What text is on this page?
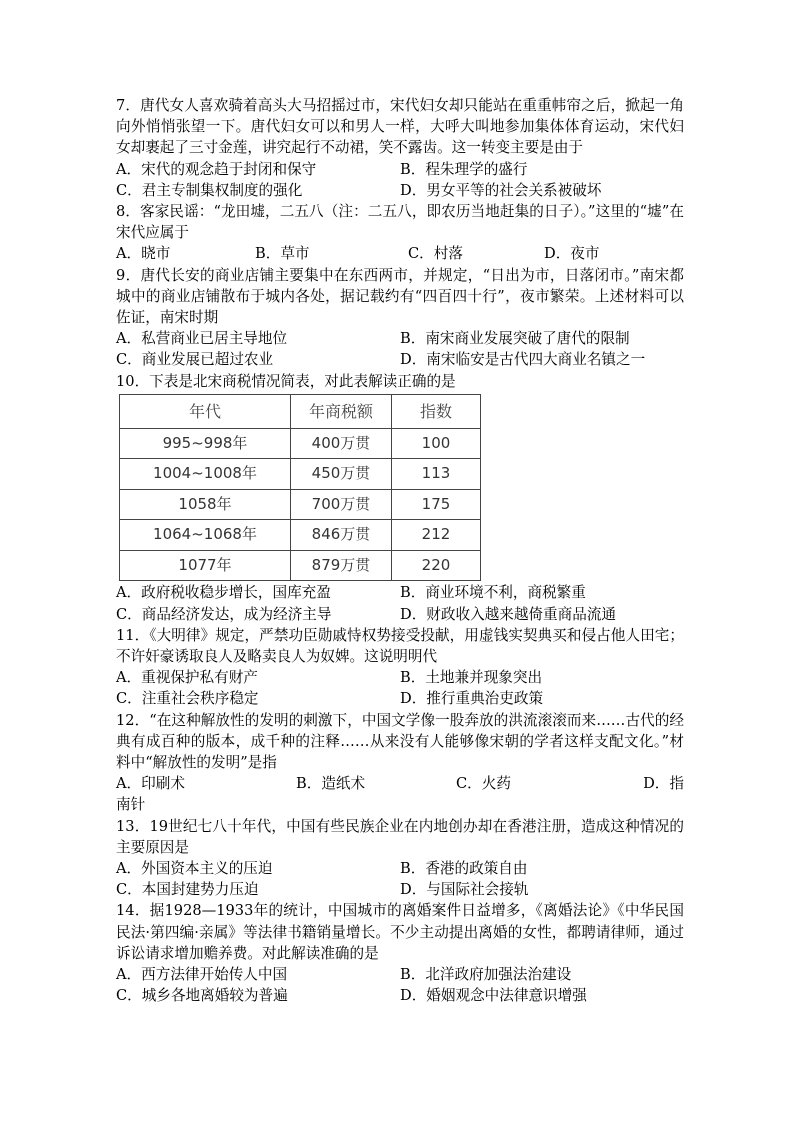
7．唐代女人喜欢骑着高头大马招摇过市，宋代妇女却只能站在重重帏帘之后，掀起一角向外悄悄张望一下。唐代妇女可以和男人一样，大呼大叫地参加集体体育运动，宋代妇女却裹起了三寸金莲，讲究起行不动裙，笑不露齿。这一转变主要是由于
A．宋代的观念趋于封闭和保守	B．程朱理学的盛行
C．君主专制集权制度的强化	D．男女平等的社会关系被破坏
8．客家民谣：“龙田墟，二五八（注：二五八，即农历当地赶集的日子）。”这里的“墟”在宋代应属于
A．晓市	B．草市	C．村落	D．夜市
9．唐代长安的商业店铺主要集中在东西两市，并规定，“日出为市，日落闭市。”南宋都城中的商业店铺散布于城内各处，据记载约有“四百四十行”，夜市繁荣。上述材料可以佐证，南宋时期
A．私营商业已居主导地位	B．南宋商业发展突破了唐代的限制
C．商业发展已超过农业	D．南宋临安是古代四大商业名镇之一
10．下表是北宋商税情况简表，对此表解读正确的是
年代	年商税额	指数
995~998年	400万贯	100
1004~1008年	450万贯	113
1058年	700万贯	175
1064~1068年	846万贯	212
1077年	879万贯	220
A．政府税收稳步增长，国库充盈	B．商业环境不利，商税繁重
C．商品经济发达，成为经济主导	D．财政收入越来越倚重商品流通
11．《大明律》规定，严禁功臣勋戚恃权势接受投献，用虚钱实契典买和侵占他人田宅；不许奸豪诱取良人及略卖良人为奴婢。这说明明代
A．重视保护私有财产	B．土地兼并现象突出
C．注重社会秩序稳定	D．推行重典治吏政策
12．“在这种解放性的发明的刺激下，中国文学像一股奔放的洪流滚滚而来……古代的经典有成百种的版本，成千种的注释……从来没有人能够像宋朝的学者这样支配文化。”材料中“解放性的发明”是指
A．印刷术	B．造纸术	C．火药	D．指
南针
13．19世纪七八十年代，中国有些民族企业在内地创办却在香港注册，造成这种情况的主要原因是
A．外国资本主义的压迫	B．香港的政策自由
C．本国封建势力压迫	D．与国际社会接轨
14．据1928—1933年的统计，中国城市的离婚案件日益增多，《离婚法论》《中华民国民法·第四编·亲属》等法律书籍销量增长。不少主动提出离婚的女性，都聘请律师，通过诉讼请求增加赡养费。对此解读准确的是
A．西方法律开始传人中国	B．北洋政府加强法治建设
C．城乡各地离婚较为普遍	D．婚姻观念中法律意识增强
